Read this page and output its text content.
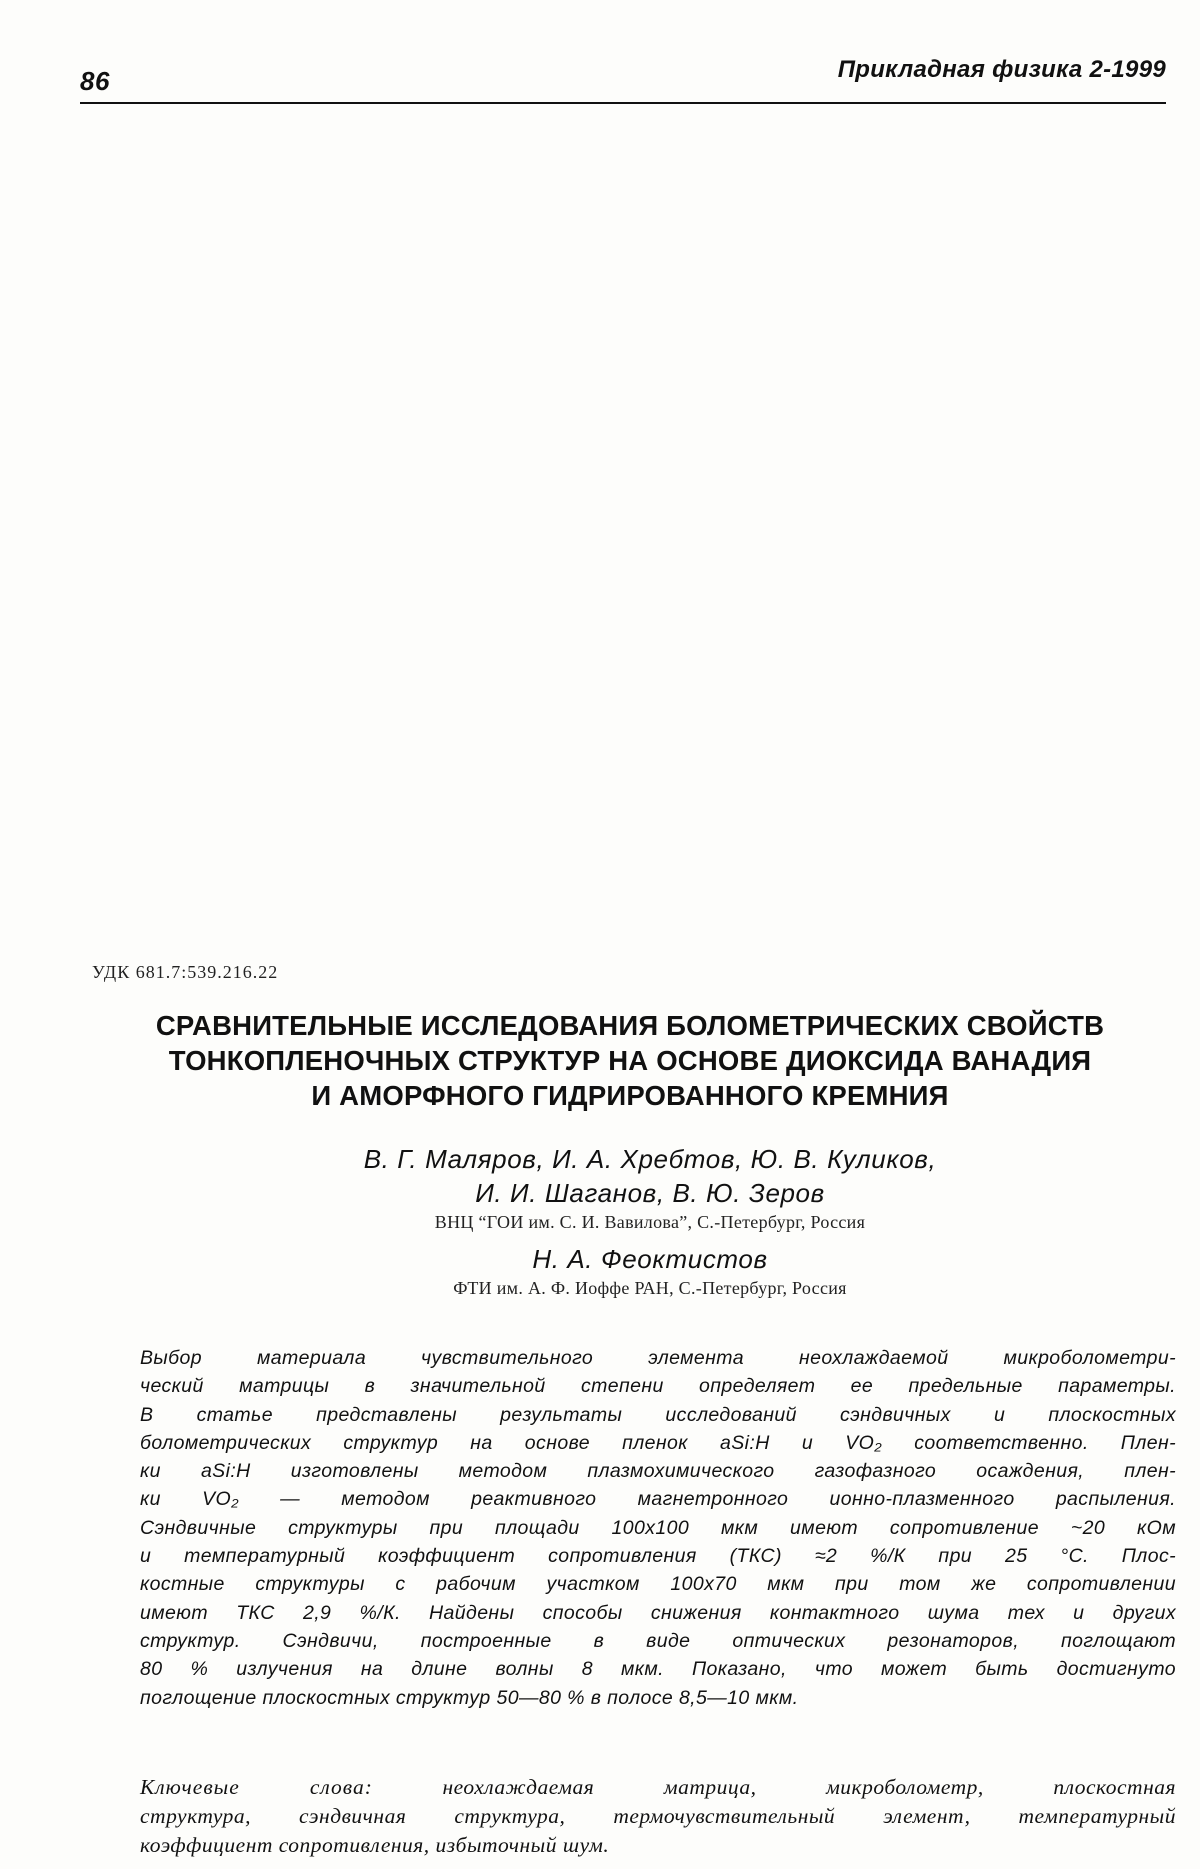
86	Прикладная физика 2-1999
УДК 681.7:539.216.22
СРАВНИТЕЛЬНЫЕ ИССЛЕДОВАНИЯ БОЛОМЕТРИЧЕСКИХ СВОЙСТВ
ТОНКОПЛЕНОЧНЫХ СТРУКТУР НА ОСНОВЕ ДИОКСИДА ВАНАДИЯ
И АМОРФНОГО ГИДРИРОВАННОГО КРЕМНИЯ
В. Г. Маляров, И. А. Хребтов, Ю. В. Куликов,
И. И. Шаганов, В. Ю. Зеров
ВНЦ “ГОИ им. С. И. Вавилова”, С.-Петербург, Россия
Н. А. Феоктистов
ФТИ им. А. Ф. Иоффе РАН, С.-Петербург, Россия
Выбор материала чувствительного элемента неохлаждаемой микроболометри-
ческий матрицы в значительной степени определяет ее предельные параметры.
В статье представлены результаты исследований сэндвичных и плоскостных
болометрических структур на основе пленок aSi:H и VO₂ соответственно. Плен-
ки aSi:H изготовлены методом плазмохимического газофазного осаждения, плен-
ки VO₂ — методом реактивного магнетронного ионно-плазменного распыления.
Сэндвичные структуры при площади 100x100 мкм имеют сопротивление ~20 кОм
и температурный коэффициент сопротивления (ТКС) ≈2 %/К при 25 °С. Плос-
костные структуры с рабочим участком 100x70 мкм при том же сопротивлении
имеют ТКС 2,9 %/К. Найдены способы снижения контактного шума тех и других
структур. Сэндвичи, построенные в виде оптических резонаторов, поглощают
80 % излучения на длине волны 8 мкм. Показано, что может быть достигнуто
поглощение плоскостных структур 50—80 % в полосе 8,5—10 мкм.
Ключевые слова: неохлаждаемая матрица, микроболометр, плоскостная
структура, сэндвичная структура, термочувствительный элемент, температурный
коэффициент сопротивления, избыточный шум.
